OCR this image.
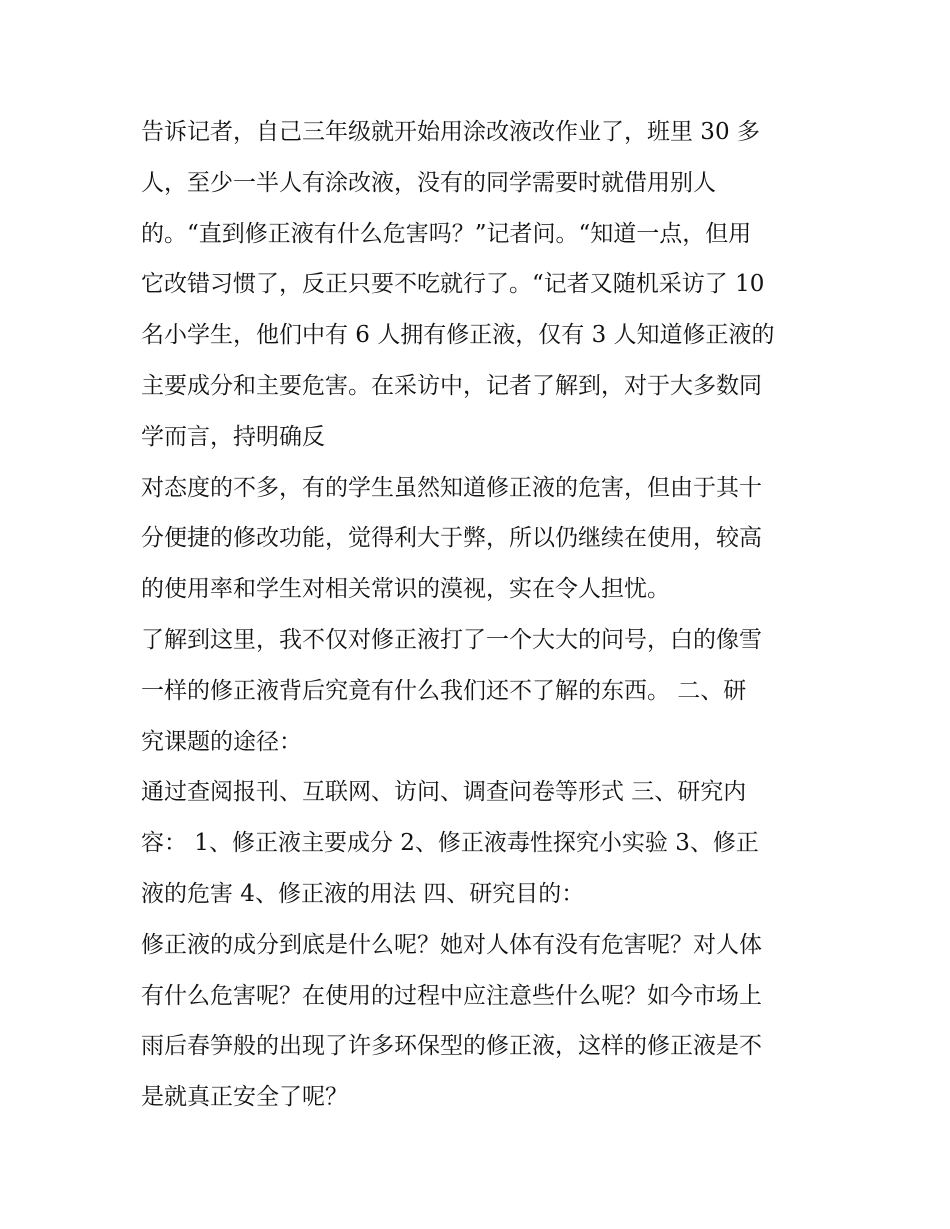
告诉记者，自己三年级就开始用涂改液改作业了，班里 30 多
人，至少一半人有涂改液，没有的同学需要时就借用别人
的。“直到修正液有什么危害吗？”记者问。“知道一点，但用
它改错习惯了，反正只要不吃就行了。“记者又随机采访了 10
名小学生，他们中有 6 人拥有修正液，仅有 3 人知道修正液的
主要成分和主要危害。在采访中，记者了解到，对于大多数同
学而言，持明确反
对态度的不多，有的学生虽然知道修正液的危害，但由于其十
分便捷的修改功能，觉得利大于弊，所以仍继续在使用，较高
的使用率和学生对相关常识的漠视，实在令人担忧。
了解到这里，我不仅对修正液打了一个大大的问号，白的像雪
一样的修正液背后究竟有什么我们还不了解的东西。 二、研
究课题的途径：
通过查阅报刊、互联网、访问、调查问卷等形式 三、研究内
容： 1、修正液主要成分 2、修正液毒性探究小实验 3、修正
液的危害 4、修正液的用法 四、研究目的：
修正液的成分到底是什么呢？她对人体有没有危害呢？对人体
有什么危害呢？在使用的过程中应注意些什么呢？如今市场上
雨后春笋般的出现了许多环保型的修正液，这样的修正液是不
是就真正安全了呢？
